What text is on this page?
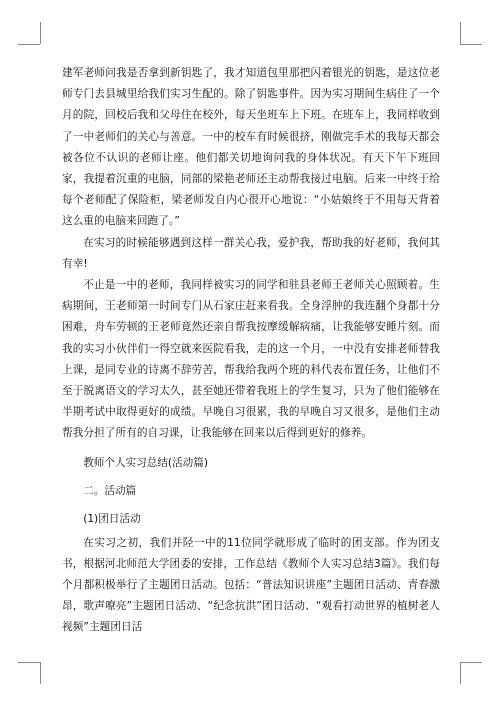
建军老师问我是否拿到新钥匙了，我才知道包里那把闪着银光的钥匙，是这位老师专门去县城里给我们实习生配的。除了钥匙事件。因为实习期间生病住了一个月的院，回校后我和父母住在校外，每天坐班车上下班。在班车上，我同样收到了一中老师们的关心与善意。一中的校车有时候很挤，刚做完手术的我每天都会被各位不认识的老师让座。他们都关切地询问我的身体状况。有天下午下班回家，我提着沉重的电脑，同部的梁艳老师还主动帮我接过电脑。后来一中终于给每个老师配了保险柜，梁老师发自内心很开心地说：“小姑娘终于不用每天背着这么重的电脑来回跑了。”

在实习的时候能够遇到这样一群关心我，爱护我，帮助我的好老师，我何其有幸!

不止是一中的老师，我同样被实习的同学和驻县老师王老师关心照顾着。生病期间，王老师第一时间专门从石家庄赶来看我。全身浮肿的我连翻个身都十分困难，舟车劳顿的王老师竟然还亲自帮我按摩缓解病痛，让我能够安睡片刻。而我的实习小伙伴们一得空就来医院看我，走的这一个月，一中没有安排老师替我上课，是同专业的诗离不辞劳苦，帮我给我两个班的科代表布置任务，让他们不至于脱离语文的学习太久，甚至她还带着我班上的学生复习，只为了他们能够在半期考试中取得更好的成绩。早晚自习很累，我的早晚自习又很多，是他们主动帮我分担了所有的自习课，让我能够在回来以后得到更好的修养。

教师个人实习总结(活动篇)

二。活动篇

(1)团日活动

在实习之初，我们并陉一中的11位同学就形成了临时的团支部。作为团支书，根据河北师范大学团委的安排，工作总结《教师个人实习总结3篇》。我们每个月都积极举行了主题团日活动。包括：“普法知识讲座”主题团日活动、青春激昂，歌声嘹亮”主题团日活动、“纪念抗洪”团日活动、“观看打动世界的植树老人视频”主题团日活
